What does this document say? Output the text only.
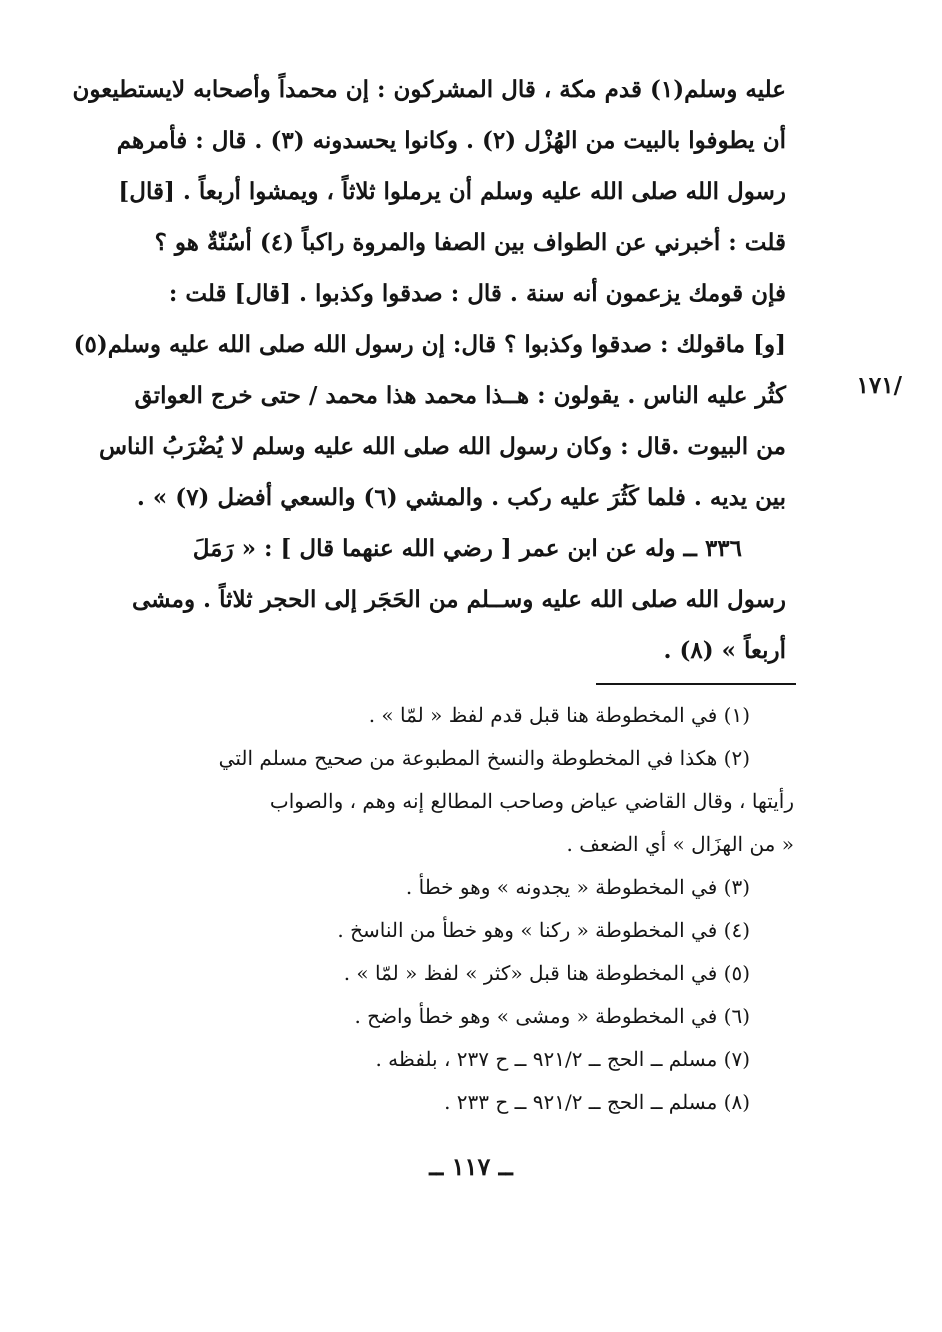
عليه وسلم(١) قدم مكة ، قال المشركون : إن محمداً وأصحابه لايستطيعون
أن يطوفوا بالبيت من الهُزْل (٢) . وكانوا يحسدونه (٣) . قال : فأمرهم
رسول الله صلى الله عليه وسلم أن يرملوا ثلاثاً ، ويمشوا أربعاً . [قال]
قلت : أخبرني عن الطواف بين الصفا والمروة راكباً (٤) أسُنّةٌ هو ؟
فإن قومك يزعمون أنه سنة . قال : صدقوا وكذبوا . [قال] قلت :
[و] ماقولك : صدقوا وكذبوا ؟ قال: إن رسول الله صلى الله عليه وسلم(٥)
كثُر عليه الناس . يقولون : هــذا محمد هذا محمد / حتى خرج العواتق
من البيوت .قال : وكان رسول الله صلى الله عليه وسلم لا يُضْرَبُ الناس
بين يديه . فلما كَثُرَ عليه ركب . والمشي (٦) والسعي أفضل (٧) » .
٣٣٦ ــ وله عن ابن عمر [ رضي الله عنهما قال ] : « رَمَلَ
رسول الله صلى الله عليه وســلم من الحَجَر إلى الحجر ثلاثاً . ومشى
أربعاً » (٨) .
/١٧١
(١) في المخطوطة هنا قبل قدم لفظ « لمّا » .
(٢) هكذا في المخطوطة والنسخ المطبوعة من صحيح مسلم التي
رأيتها ، وقال القاضي عياض وصاحب المطالع إنه وهم ، والصواب
« من الهزَال » أي الضعف .
(٣) في المخطوطة « يجدونه » وهو خطأ .
(٤) في المخطوطة « ركنا » وهو خطأ من الناسخ .
(٥) في المخطوطة هنا قبل «كثر » لفظ « لمّا » .
(٦) في المخطوطة « ومشى » وهو خطأ واضح .
(٧) مسلم ــ الحج ــ ٩٢١/٢ ــ ح ٢٣٧ ، بلفظه .
(٨) مسلم ــ الحج ــ ٩٢١/٢ ــ ح ٢٣٣ .
ــ ١١٧ ــ
